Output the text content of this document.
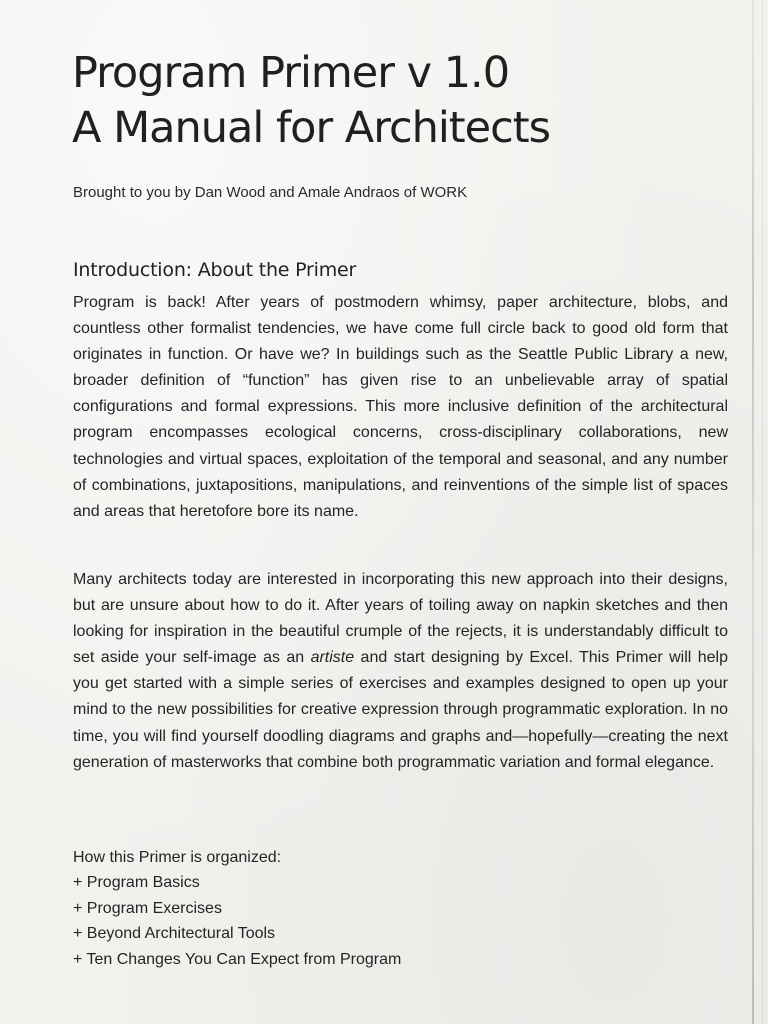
Program Primer v 1.0
A Manual for Architects
Brought to you by Dan Wood and Amale Andraos of WORK
Introduction: About the Primer

Program is back! After years of postmodern whimsy, paper architecture, blobs, and countless other formalist tendencies, we have come full circle back to good old form that originates in function. Or have we? In buildings such as the Seattle Public Library a new, broader definition of “function” has given rise to an unbelievable array of spatial configurations and formal expressions. This more inclusive definition of the architectural program encompasses ecological concerns, cross-disciplinary collaborations, new technologies and virtual spaces, exploitation of the temporal and seasonal, and any number of combinations, juxtapositions, manipulations, and reinventions of the simple list of spaces and areas that heretofore bore its name.

Many architects today are interested in incorporating this new approach into their designs, but are unsure about how to do it. After years of toiling away on napkin sketches and then looking for inspiration in the beautiful crumple of the rejects, it is understandably difficult to set aside your self-image as an artiste and start designing by Excel. This Primer will help you get started with a simple series of exercises and examples designed to open up your mind to the new possibilities for creative expression through programmatic exploration. In no time, you will find yourself doodling diagrams and graphs and—hopefully—creating the next generation of masterworks that combine both programmatic variation and formal elegance.

How this Primer is organized:
+ Program Basics
+ Program Exercises
+ Beyond Architectural Tools
+ Ten Changes You Can Expect from Program
